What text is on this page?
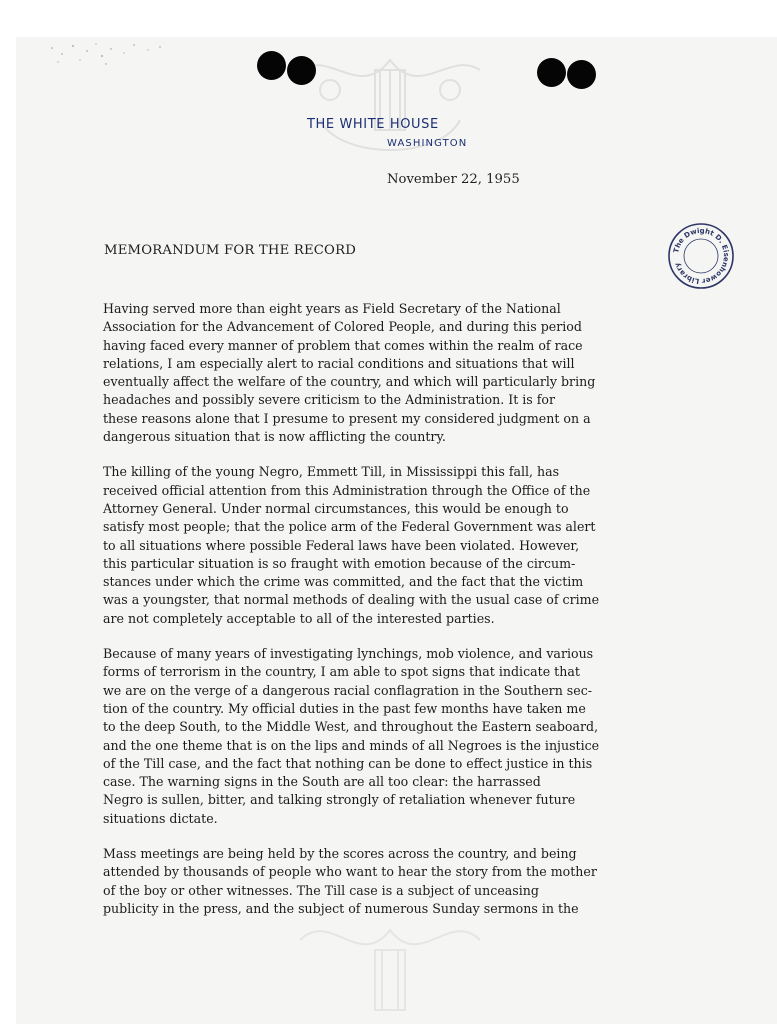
THE WHITE HOUSE
WASHINGTON
November 22, 1955
MEMORANDUM FOR THE RECORD	The Dwight D. Eisenhower Library

Having served more than eight years as Field Secretary of the National
Association for the Advancement of Colored People, and during this period
having faced every manner of problem that comes within the realm of race
relations, I am especially alert to racial conditions and situations that will
eventually affect the welfare of the country, and which will particularly bring
headaches and possibly severe criticism to the Administration. It is for
these reasons alone that I presume to present my considered judgment on a
dangerous situation that is now afflicting the country.

The killing of the young Negro, Emmett Till, in Mississippi this fall, has
received official attention from this Administration through the Office of the
Attorney General. Under normal circumstances, this would be enough to
satisfy most people; that the police arm of the Federal Government was alert
to all situations where possible Federal laws have been violated. However,
this particular situation is so fraught with emotion because of the circum-
stances under which the crime was committed, and the fact that the victim
was a youngster, that normal methods of dealing with the usual case of crime
are not completely acceptable to all of the interested parties.

Because of many years of investigating lynchings, mob violence, and various
forms of terrorism in the country, I am able to spot signs that indicate that
we are on the verge of a dangerous racial conflagration in the Southern sec-
tion of the country. My official duties in the past few months have taken me
to the deep South, to the Middle West, and throughout the Eastern seaboard,
and the one theme that is on the lips and minds of all Negroes is the injustice
of the Till case, and the fact that nothing can be done to effect justice in this
case. The warning signs in the South are all too clear: the harrassed
Negro is sullen, bitter, and talking strongly of retaliation whenever future
situations dictate.

Mass meetings are being held by the scores across the country, and being
attended by thousands of people who want to hear the story from the mother
of the boy or other witnesses. The Till case is a subject of unceasing
publicity in the press, and the subject of numerous Sunday sermons in the
